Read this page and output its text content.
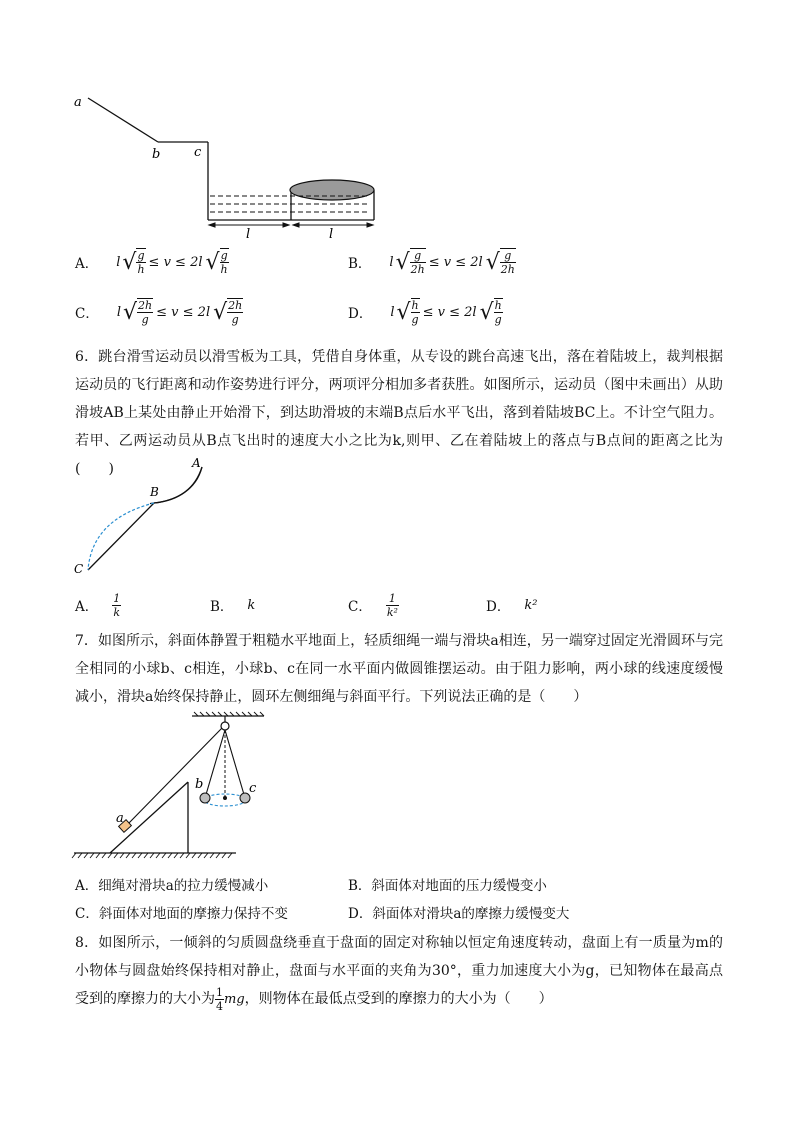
a
b	c
l	l
A． l √ $\frac{g}{h} \le v \le 2l$ √ $\frac{g}{h}$	B． l √ $\frac{g}{2h} \le v \le 2l$ √ $\frac{g}{2h}$
C． l √ $\frac{2h}{g} \le v \le 2l$ √ $\frac{2h}{g}$	D． l √ $\frac{h}{g} \le v \le 2l$ √ $\frac{h}{g}$
6．跳台滑雪运动员以滑雪板为工具，凭借自身体重，从专设的跳台高速飞出，落在着陆坡上，裁判根据运动员的飞行距离和动作姿势进行评分，两项评分相加多者获胜。如图所示，运动员（图中未画出）从助滑坡AB上某处由静止开始滑下，到达助滑坡的末端B点后水平飞出，落到着陆坡BC上。不计空气阻力。若甲、乙两运动员从B点飞出时的速度大小之比为k,则甲、乙在着陆坡上的落点与B点间的距离之比为(　　)	A
B
C
A． $\frac{1}{k}$	B． k	C． $\frac{1}{\text{k²}}$	D． k²
7．如图所示，斜面体静置于粗糙水平地面上，轻质细绳一端与滑块a相连，另一端穿过固定光滑圆环与完全相同的小球b、c相连，小球b、c在同一水平面内做圆锥摆运动。由于阻力影响，两小球的线速度缓慢减小，滑块a始终保持静止，圆环左侧细绳与斜面平行。下列说法正确的是（　　）
b	c
a
A．细绳对滑块a的拉力缓慢减小	B．斜面体对地面的压力缓慢变小
C．斜面体对地面的摩擦力保持不变	D．斜面体对滑块a的摩擦力缓慢变大
8．如图所示，一倾斜的匀质圆盘绕垂直于盘面的固定对称轴以恒定角速度转动，盘面上有一质量为m的小物体与圆盘始终保持相对静止，盘面与水平面的夹角为30°，重力加速度大小为g，已知物体在最高点受到的摩擦力的大小为 $\frac{1}{4}$ mg，则物体在最低点受到的摩擦力的大小为（　　）
